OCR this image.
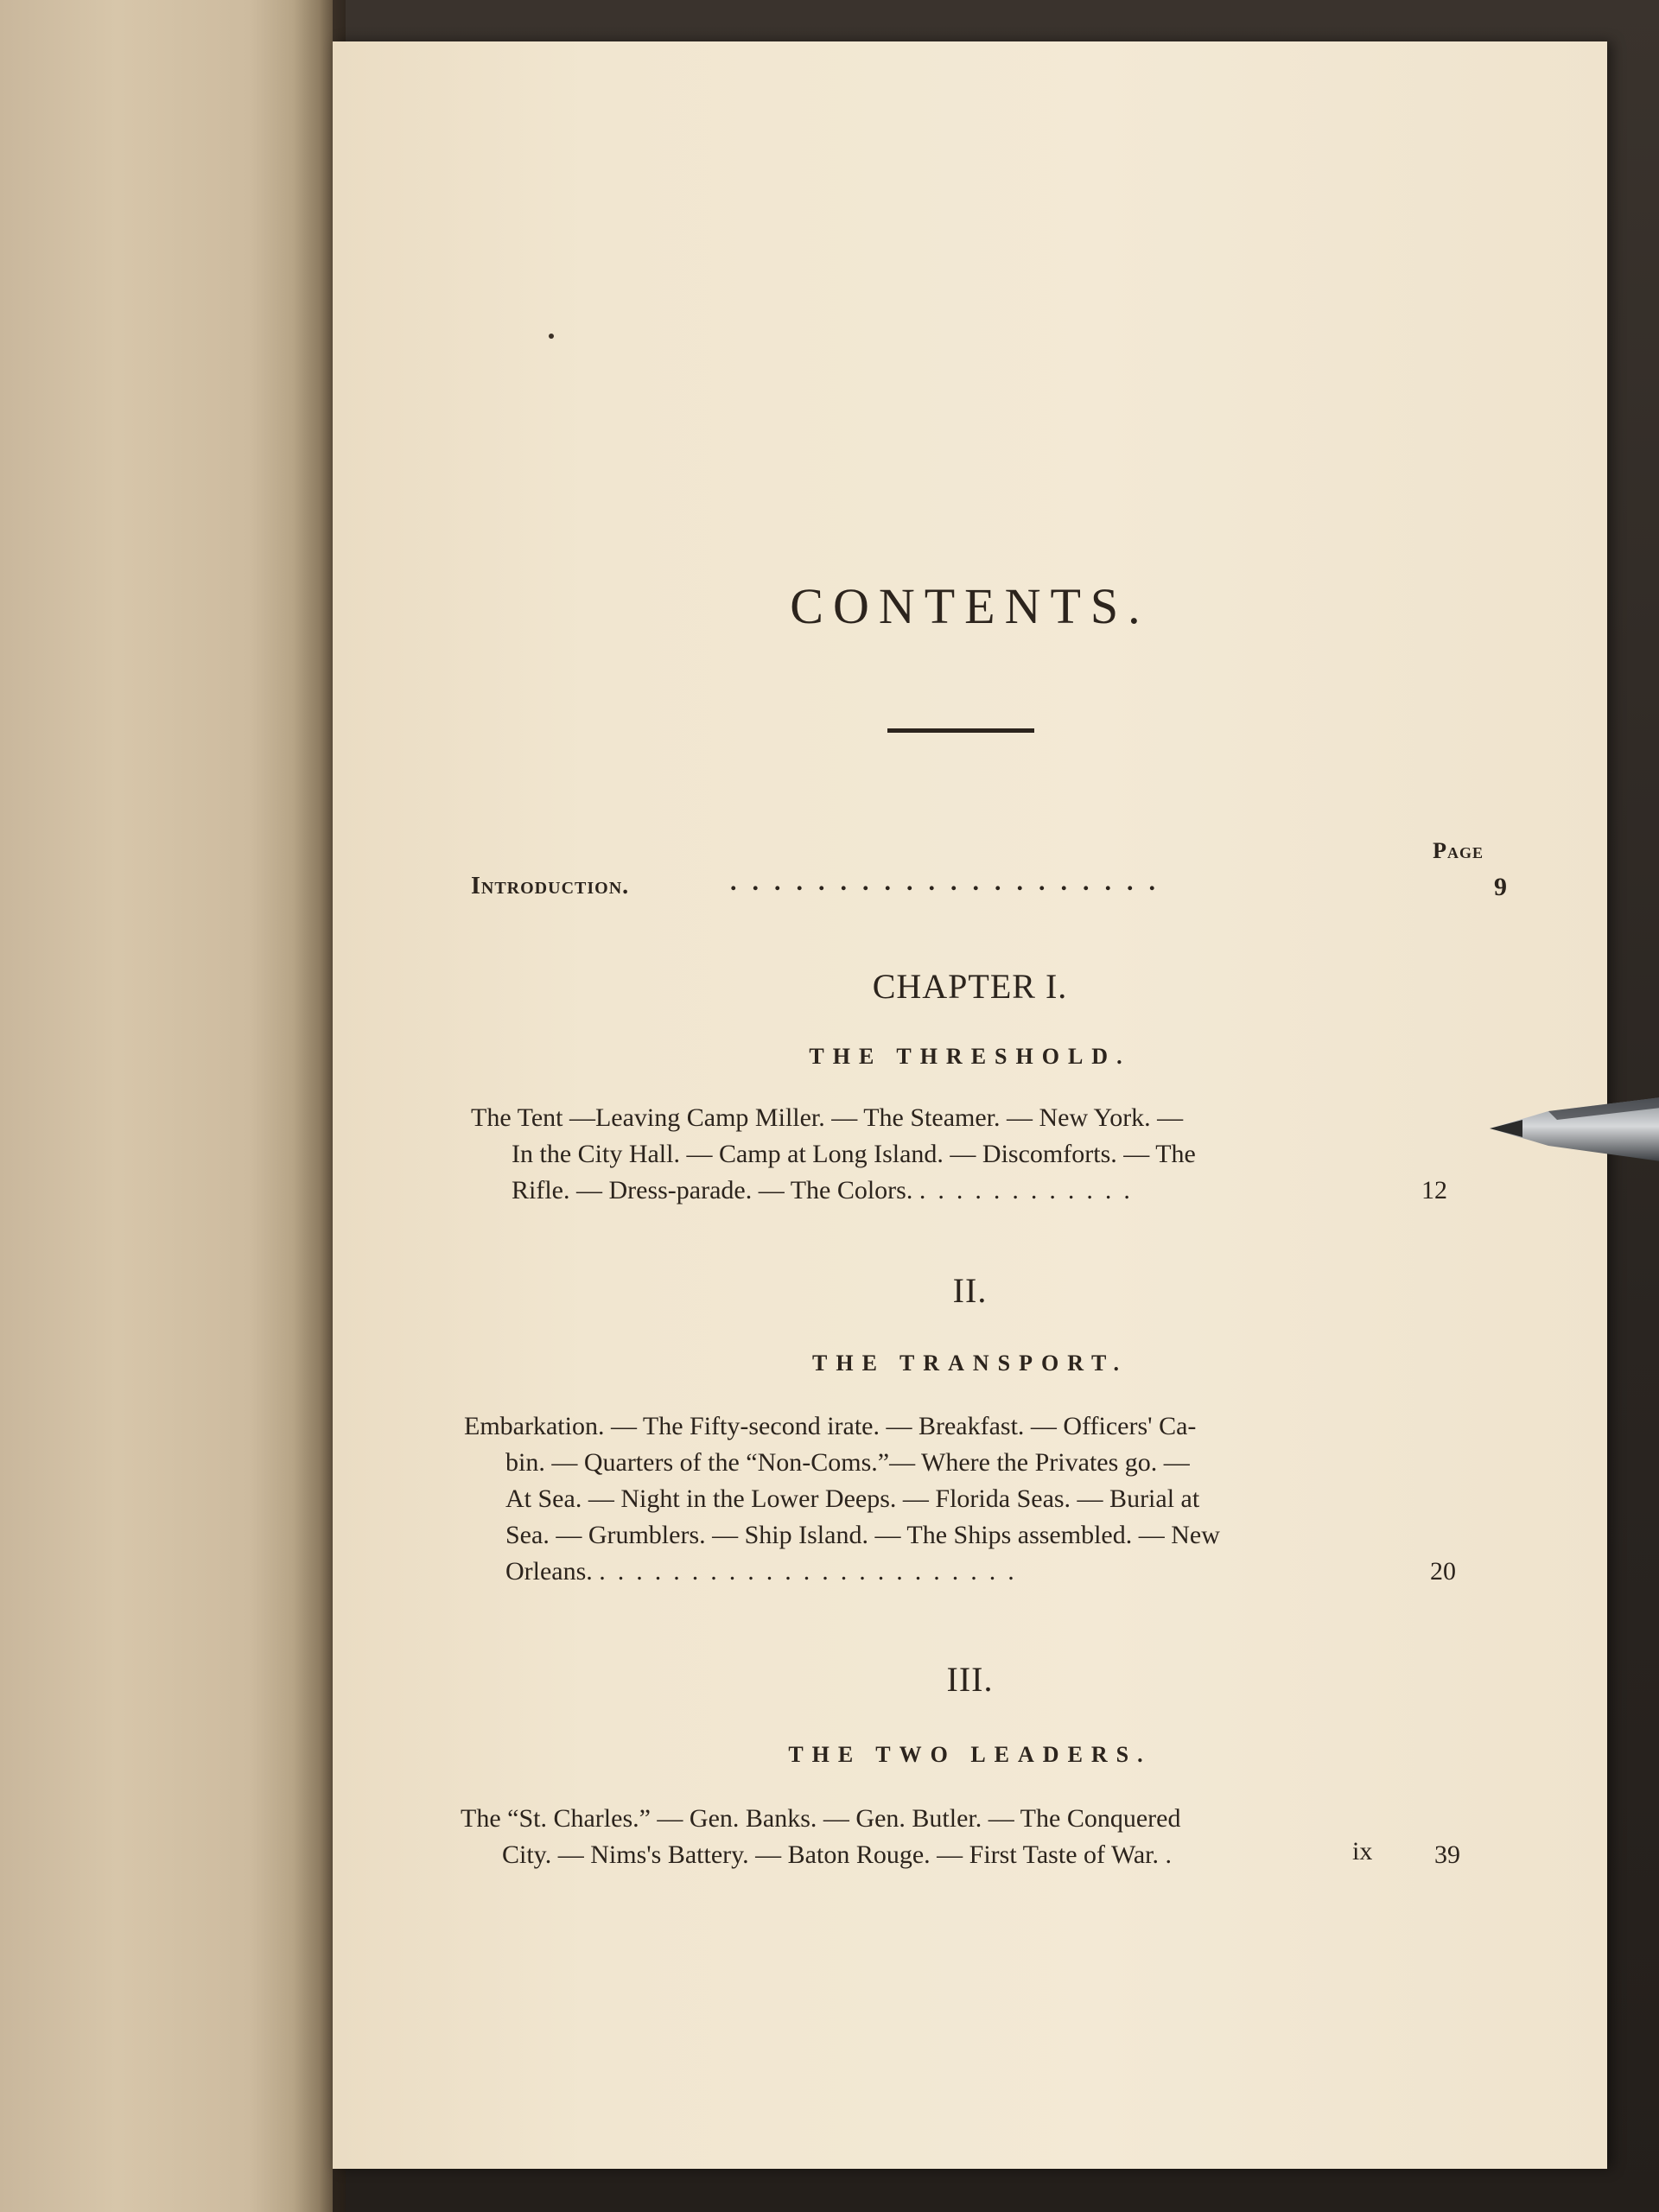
CONTENTS.
Page
Introduction.	....................	9
CHAPTER I.
THE THRESHOLD.
The Tent —Leaving Camp Miller. — The Steamer. — New York. —
In the City Hall. — Camp at Long Island. — Discomforts. — The
Rifle. — Dress-parade. — The Colors. ............	12
II.
THE TRANSPORT.
Embarkation. — The Fifty-second irate. — Breakfast. — Officers' Ca-
bin. — Quarters of the “Non-Coms.”— Where the Privates go. —
At Sea. — Night in the Lower Deeps. — Florida Seas. — Burial at
Sea. — Grumblers. — Ship Island. — The Ships assembled. — New
Orleans. .......................	20
III.
THE TWO LEADERS.
The “St. Charles.” — Gen. Banks. — Gen. Butler. — The Conquered
City. — Nims's Battery. — Baton Rouge. — First Taste of War. .	39
ix
